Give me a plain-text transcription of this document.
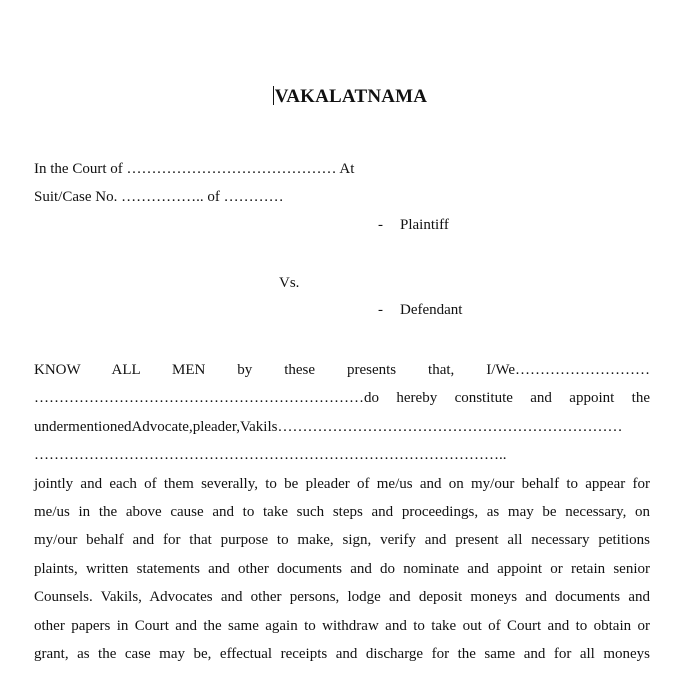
VAKALATNAMA
In the Court of …………………………………… At
Suit/Case No. …………….. of …………
- Plaintiff
Vs.
- Defendant
KNOW ALL MEN by these presents that, I/We………………………
…………………………………………………………do hereby constitute and appoint the
undermentionedAdvocate,pleader,Vakils……………………………………………………………
…………………………………………………………………………………..
jointly and each of them severally, to be pleader of me/us and on my/our behalf to appear for
me/us in the above cause and to take such steps and proceedings, as may be necessary, on
my/our behalf and for that purpose to make, sign, verify and present all necessary petitions
plaints, written statements and other documents and do nominate and appoint or retain senior
Counsels. Vakils, Advocates and other persons, lodge and deposit moneys and documents and
other papers in Court and the same again to withdraw and to take out of Court and to obtain or
grant, as the case may be, effectual receipts and discharge for the same and for all moneys
